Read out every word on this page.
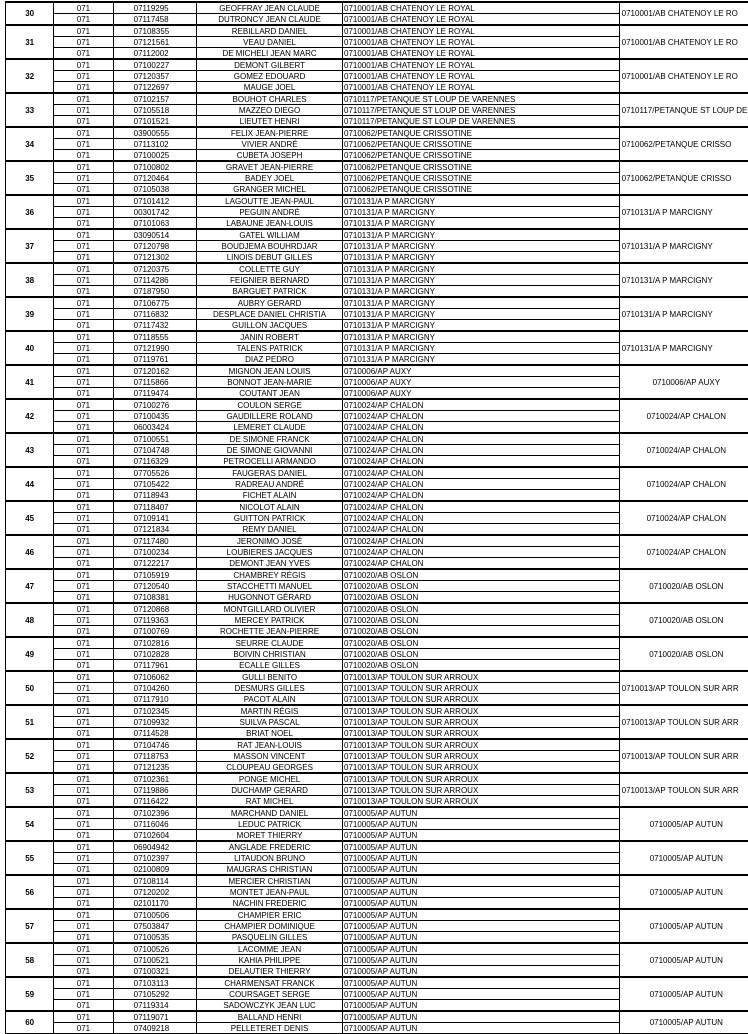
30	071	07119295	GEOFFRAY JEAN CLAUDE	0710001/AB CHATENOY LE ROYAL	0710001/AB CHATENOY LE RO
	071	07117458	DUTRONCY JEAN CLAUDE	0710001/AB CHATENOY LE ROYAL	
31	071	07108355	REBILLARD DANIEL	0710001/AB CHATENOY LE ROYAL	0710001/AB CHATENOY LE RO
	071	07121561	VEAU DANIEL	0710001/AB CHATENOY LE ROYAL	
	071	07112002	DE MICHELI JEAN MARC	0710001/AB CHATENOY LE ROYAL	
32	071	07100227	DEMONT GILBERT	0710001/AB CHATENOY LE ROYAL	0710001/AB CHATENOY LE RO
	071	07120357	GOMEZ EDOUARD	0710001/AB CHATENOY LE ROYAL	
	071	07122697	MAUGE JOEL	0710001/AB CHATENOY LE ROYAL	
33	071	07102157	BOUHOT CHARLES	0710117/PETANQUE ST LOUP DE VARENNES	0710117/PETANQUE ST LOUP DE
	071	07105518	MAZZEO DIEGO	0710117/PETANQUE ST LOUP DE VARENNES	
	071	07101521	LIEUTET HENRI	0710117/PETANQUE ST LOUP DE VARENNES	
34	071	03900555	FELIX JEAN-PIERRE	0710062/PETANQUE CRISSOTINE	0710062/PETANQUE CRISSO
	071	07113102	VIVIER ANDRÉ	0710062/PETANQUE CRISSOTINE	
	071	07100025	CUBETA JOSEPH	0710062/PETANQUE CRISSOTINE	
35	071	07100802	GRAVET JEAN-PIERRE	0710062/PETANQUE CRISSOTINE	0710062/PETANQUE CRISSO
	071	07120464	BADEY JOEL	0710062/PETANQUE CRISSOTINE	
	071	07105038	GRANGER MICHEL	0710062/PETANQUE CRISSOTINE	
36	071	07101412	LAGOUTTE JEAN-PAUL	0710131/A P MARCIGNY	0710131/A P MARCIGNY
	071	00301742	PEGUIN ANDRÉ	0710131/A P MARCIGNY	
	071	07101063	LABAUNE JEAN-LOUIS	0710131/A P MARCIGNY	
37	071	03090514	GATEL WILLIAM	0710131/A P MARCIGNY	0710131/A P MARCIGNY
	071	07120798	BOUDJEMA BOUHRDJAR	0710131/A P MARCIGNY	
	071	07121302	LINOIS DEBUT GILLES	0710131/A P MARCIGNY	
38	071	07120375	COLLETTE GUY	0710131/A P MARCIGNY	0710131/A P MARCIGNY
	071	07114286	FEIGNIER BERNARD	0710131/A P MARCIGNY	
	071	07187950	BARGUET PATRICK	0710131/A P MARCIGNY	
39	071	07106775	AUBRY GERARD	0710131/A P MARCIGNY	0710131/A P MARCIGNY
	071	07116832	DESPLACE DANIEL CHRISTIA	0710131/A P MARCIGNY	
	071	07117432	GUILLON JACQUES	0710131/A P MARCIGNY	
40	071	07118555	JANIN ROBERT	0710131/A P MARCIGNY	0710131/A P MARCIGNY
	071	07121990	TALENS PATRICK	0710131/A P MARCIGNY	
	071	07119761	DIAZ PEDRO	0710131/A P MARCIGNY	
41	071	07120162	MIGNON JEAN LOUIS	0710006/AP AUXY	0710006/AP AUXY
	071	07115866	BONNOT JEAN-MARIE	0710006/AP AUXY	
	071	07119474	COUTANT JEAN	0710006/AP AUXY	
42	071	07100276	COULON SERGE	0710024/AP CHALON	0710024/AP CHALON
	071	07100435	GAUDILLERE ROLAND	0710024/AP CHALON	
	071	06003424	LEMERET CLAUDE	0710024/AP CHALON	
43	071	07100551	DE SIMONE FRANCK	0710024/AP CHALON	0710024/AP CHALON
	071	07104748	DE SIMONE GIOVANNI	0710024/AP CHALON	
	071	07116329	PETROCELLI ARMANDO	0710024/AP CHALON	
44	071	07705526	FAUGERAS DANIEL	0710024/AP CHALON	0710024/AP CHALON
	071	07105422	RADREAU ANDRÉ	0710024/AP CHALON	
	071	07118943	FICHET ALAIN	0710024/AP CHALON	
45	071	07118407	NICOLOT ALAIN	0710024/AP CHALON	0710024/AP CHALON
	071	07109141	GUITTON PATRICK	0710024/AP CHALON	
	071	07121834	REMY DANIEL	0710024/AP CHALON	
46	071	07117480	JERONIMO JOSÉ	0710024/AP CHALON	0710024/AP CHALON
	071	07100234	LOUBIERES JACQUES	0710024/AP CHALON	
	071	07122217	DEMONT JEAN YVES	0710024/AP CHALON	
47	071	07105919	CHAMBREY RÉGIS	0710020/AB OSLON	0710020/AB OSLON
	071	07120540	STACCHETTI MANUEL	0710020/AB OSLON	
	071	07108381	HUGONNOT GÉRARD	0710020/AB OSLON	
48	071	07120868	MONTGILLARD OLIVIER	0710020/AB OSLON	0710020/AB OSLON
	071	07119363	MERCEY PATRICK	0710020/AB OSLON	
	071	07100769	ROCHETTE JEAN-PIERRE	0710020/AB OSLON	
49	071	07102816	SEURRE CLAUDE	0710020/AB OSLON	0710020/AB OSLON
	071	07102828	BOIVIN CHRISTIAN	0710020/AB OSLON	
	071	07117961	ECALLE GILLES	0710020/AB OSLON	
50	071	07106062	GULLI BENITO	0710013/AP TOULON SUR ARROUX	0710013/AP TOULON SUR ARR
	071	07104260	DESMURS GILLES	0710013/AP TOULON SUR ARROUX	
	071	07117910	PACOT ALAIN	0710013/AP TOULON SUR ARROUX	
51	071	07102345	MARTIN RÉGIS	0710013/AP TOULON SUR ARROUX	0710013/AP TOULON SUR ARR
	071	07109932	SUILVA PASCAL	0710013/AP TOULON SUR ARROUX	
	071	07114528	BRIAT NOEL	0710013/AP TOULON SUR ARROUX	
52	071	07104746	RAT JEAN-LOUIS	0710013/AP TOULON SUR ARROUX	0710013/AP TOULON SUR ARR
	071	07118753	MASSON VINCENT	0710013/AP TOULON SUR ARROUX	
	071	07121235	CLOUPEAU GEORGES	0710013/AP TOULON SUR ARROUX	
53	071	07102361	PONGE MICHEL	0710013/AP TOULON SUR ARROUX	0710013/AP TOULON SUR ARR
	071	07119886	DUCHAMP GERARD	0710013/AP TOULON SUR ARROUX	
	071	07116422	RAT MICHEL	0710013/AP TOULON SUR ARROUX	
54	071	07102396	MARCHAND DANIEL	0710005/AP AUTUN	0710005/AP AUTUN
	071	07116046	LEDUC PATRICK	0710005/AP AUTUN	
	071	07102604	MORET THIERRY	0710005/AP AUTUN	
55	071	06904942	ANGLADE FREDERIC	0710005/AP AUTUN	0710005/AP AUTUN
	071	07102397	LITAUDON BRUNO	0710005/AP AUTUN	
	071	02100809	MAUGRAS CHRISTIAN	0710005/AP AUTUN	
56	071	07108114	MERCIER CHRISTIAN	0710005/AP AUTUN	0710005/AP AUTUN
	071	07120202	MONTET JEAN-PAUL	0710005/AP AUTUN	
	071	02101170	NACHIN FREDERIC	0710005/AP AUTUN	
57	071	07100506	CHAMPIER ERIC	0710005/AP AUTUN	0710005/AP AUTUN
	071	07503847	CHAMPIER DOMINIQUE	0710005/AP AUTUN	
	071	07100535	PASQUELIN GILLES	0710005/AP AUTUN	
58	071	07100526	LACOMME JEAN	0710005/AP AUTUN	0710005/AP AUTUN
	071	07100521	KAHIA PHILIPPE	0710005/AP AUTUN	
	071	07100321	DELAUTIER THIERRY	0710005/AP AUTUN	
59	071	07103113	CHARMENSAT FRANCK	0710005/AP AUTUN	0710005/AP AUTUN
	071	07105292	COURSAGET SERGE	0710005/AP AUTUN	
	071	07119314	SADOWCZYK JEAN LUC	0710005/AP AUTUN	
60	071	07119071	BALLAND HENRI	0710005/AP AUTUN	0710005/AP AUTUN
	071	07409218	PELLETERET DENIS	0710005/AP AUTUN	
